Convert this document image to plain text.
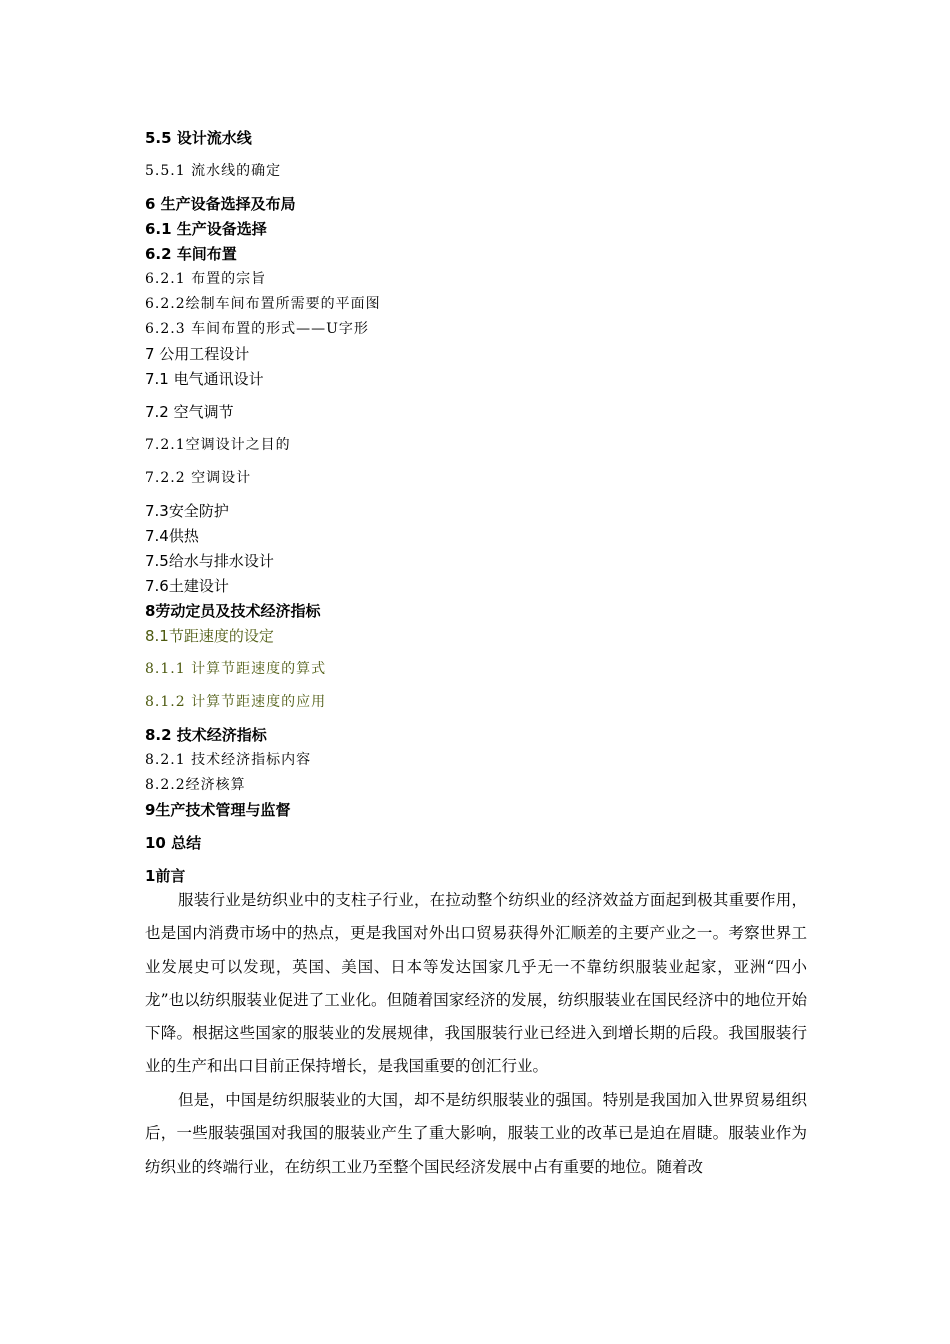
5.5 设计流水线
5.5.1 流水线的确定
6 生产设备选择及布局
6.1 生产设备选择
6.2 车间布置
6.2.1 布置的宗旨
6.2.2绘制车间布置所需要的平面图
6.2.3 车间布置的形式——U字形
7 公用工程设计
7.1 电气通讯设计
7.2 空气调节
7.2.1空调设计之目的
7.2.2 空调设计
7.3安全防护
7.4供热
7.5给水与排水设计
7.6土建设计
8劳动定员及技术经济指标
8.1节距速度的设定
8.1.1 计算节距速度的算式
8.1.2 计算节距速度的应用
8.2 技术经济指标
8.2.1 技术经济指标内容
8.2.2经济核算
9生产技术管理与监督
10 总结
1前言

服装行业是纺织业中的支柱子行业，在拉动整个纺织业的经济效益方面起到极其重要作用，也是国内消费市场中的热点，更是我国对外出口贸易获得外汇顺差的主要产业之一。考察世界工业发展史可以发现，英国、美国、日本等发达国家几乎无一不靠纺织服装业起家，亚洲“四小龙”也以纺织服装业促进了工业化。但随着国家经济的发展，纺织服装业在国民经济中的地位开始下降。根据这些国家的服装业的发展规律，我国服装行业已经进入到增长期的后段。我国服装行业的生产和出口目前正保持增长，是我国重要的创汇行业。

但是，中国是纺织服装业的大国，却不是纺织服装业的强国。特别是我国加入世界贸易组织后，一些服装强国对我国的服装业产生了重大影响，服装工业的改革已是迫在眉睫。服装业作为纺织业的终端行业，在纺织工业乃至整个国民经济发展中占有重要的地位。随着改
